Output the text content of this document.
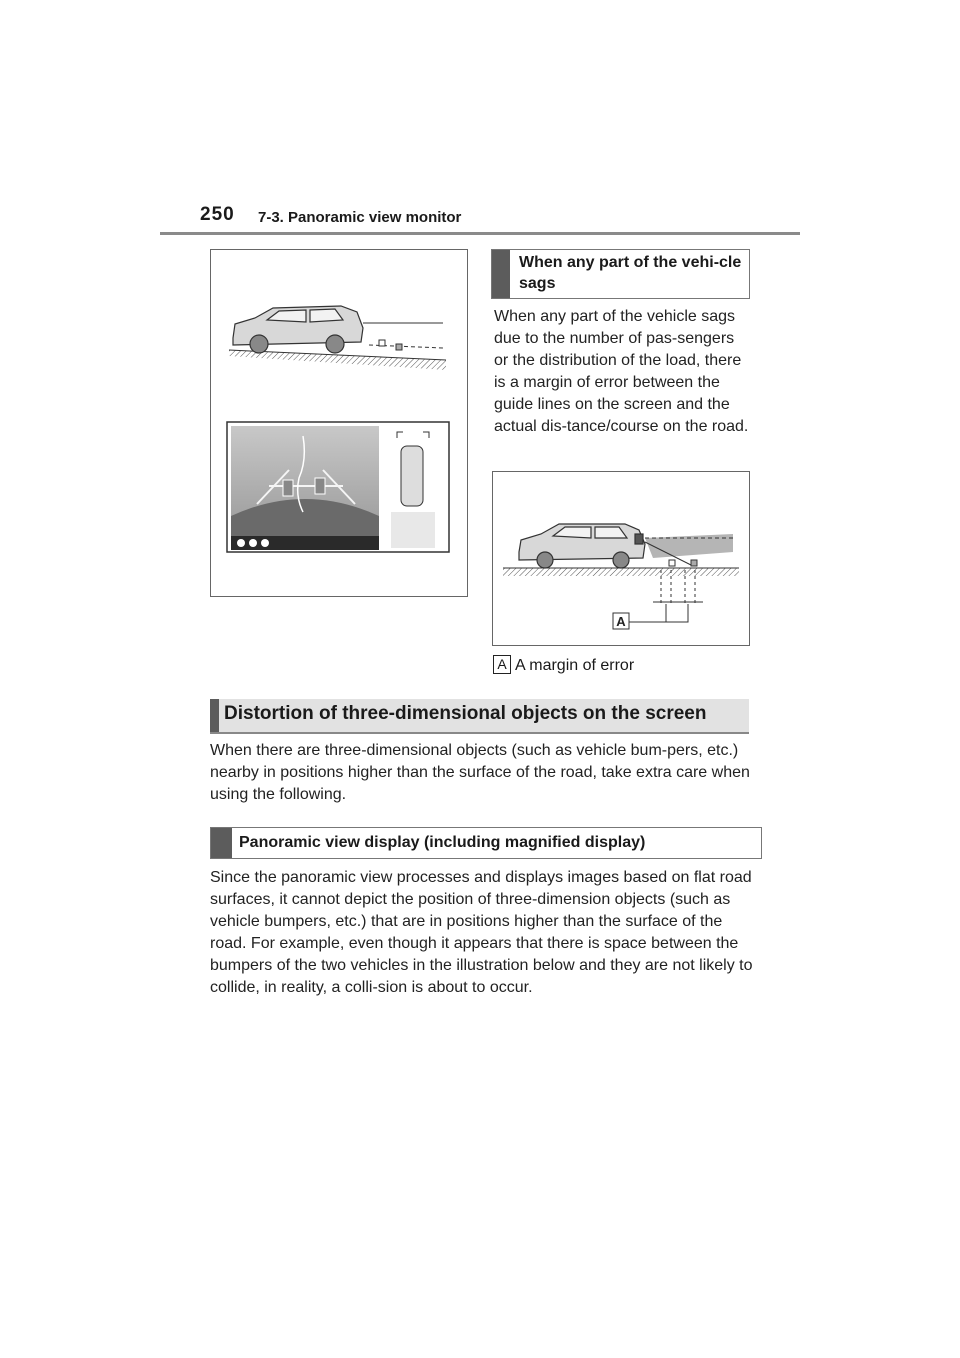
250 7-3. Panoramic view monitor
When any part of the vehi-cle sags
When any part of the vehicle sags due to the number of pas-sengers or the distribution of the load, there is a margin of error between the guide lines on the screen and the actual dis-tance/course on the road.
A
A A margin of error
Distortion of three-dimensional objects on the screen
When there are three-dimensional objects (such as vehicle bum-pers, etc.) nearby in positions higher than the surface of the road, take extra care when using the following.
Panoramic view display (including magnified display)
Since the panoramic view processes and displays images based on flat road surfaces, it cannot depict the position of three-dimension objects (such as vehicle bumpers, etc.) that are in positions higher than the surface of the road. For example, even though it appears that there is space between the bumpers of the two vehicles in the illustration below and they are not likely to collide, in reality, a colli-sion is about to occur.
